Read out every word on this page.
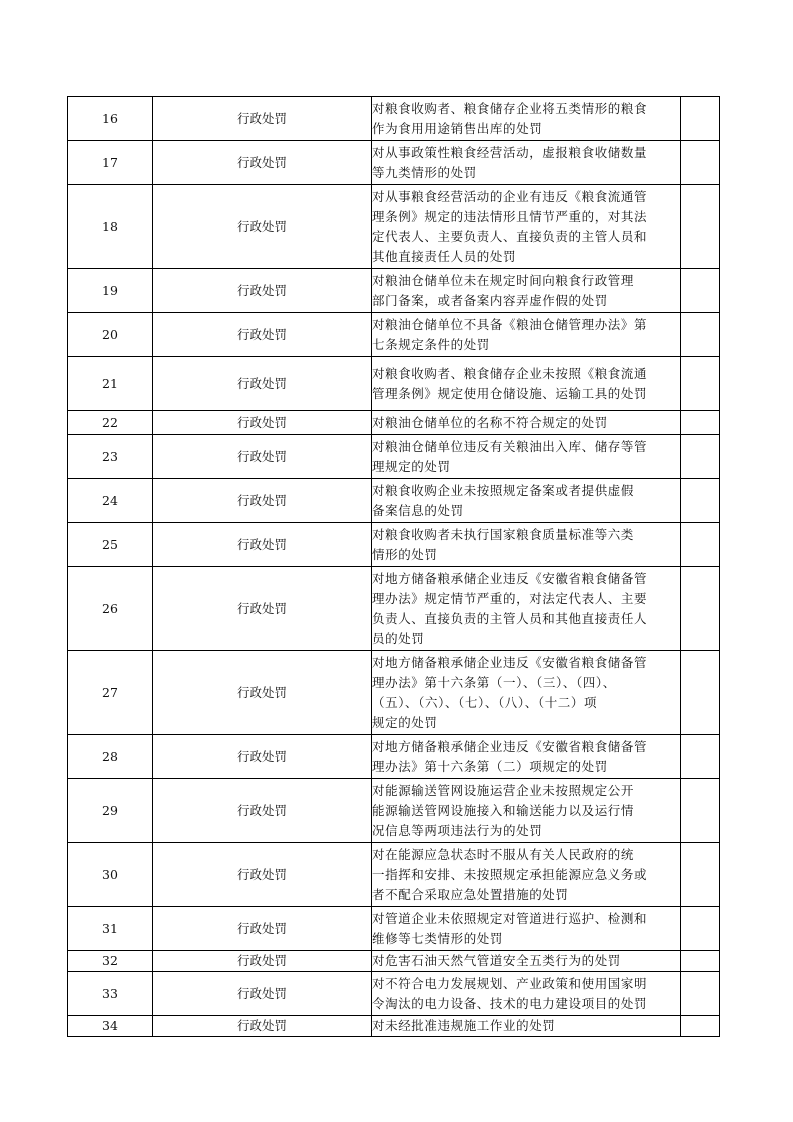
16	行政处罚	对粮食收购者、粮食储存企业将五类情形的粮食
作为食用用途销售出库的处罚	

17	行政处罚	对从事政策性粮食经营活动，虚报粮食收储数量
等九类情形的处罚	

18	行政处罚	对从事粮食经营活动的企业有违反《粮食流通管
理条例》规定的违法情形且情节严重的，对其法
定代表人、主要负责人、直接负责的主管人员和
其他直接责任人员的处罚	

19	行政处罚	对粮油仓储单位未在规定时间向粮食行政管理
部门备案，或者备案内容弄虚作假的处罚	

20	行政处罚	对粮油仓储单位不具备《粮油仓储管理办法》第
七条规定条件的处罚	

21	行政处罚	对粮食收购者、粮食储存企业未按照《粮食流通
管理条例》规定使用仓储设施、运输工具的处罚	

22	行政处罚	对粮油仓储单位的名称不符合规定的处罚	

23	行政处罚	对粮油仓储单位违反有关粮油出入库、储存等管
理规定的处罚	

24	行政处罚	对粮食收购企业未按照规定备案或者提供虚假
备案信息的处罚	

25	行政处罚	对粮食收购者未执行国家粮食质量标准等六类
情形的处罚	

26	行政处罚	对地方储备粮承储企业违反《安徽省粮食储备管
理办法》规定情节严重的，对法定代表人、主要
负责人、直接负责的主管人员和其他直接责任人
员的处罚	

27	行政处罚	对地方储备粮承储企业违反《安徽省粮食储备管
理办法》第十六条第（一）、（三）、（四）、
（五）、（六）、（七）、（八）、（十二）项
规定的处罚	

28	行政处罚	对地方储备粮承储企业违反《安徽省粮食储备管
理办法》第十六条第（二）项规定的处罚	

29	行政处罚	对能源输送管网设施运营企业未按照规定公开
能源输送管网设施接入和输送能力以及运行情
况信息等两项违法行为的处罚	

30	行政处罚	对在能源应急状态时不服从有关人民政府的统
一指挥和安排、未按照规定承担能源应急义务或
者不配合采取应急处置措施的处罚	

31	行政处罚	对管道企业未依照规定对管道进行巡护、检测和
维修等七类情形的处罚	

32	行政处罚	对危害石油天然气管道安全五类行为的处罚	

33	行政处罚	对不符合电力发展规划、产业政策和使用国家明
令淘汰的电力设备、技术的电力建设项目的处罚	

34	行政处罚	对未经批准违规施工作业的处罚	
